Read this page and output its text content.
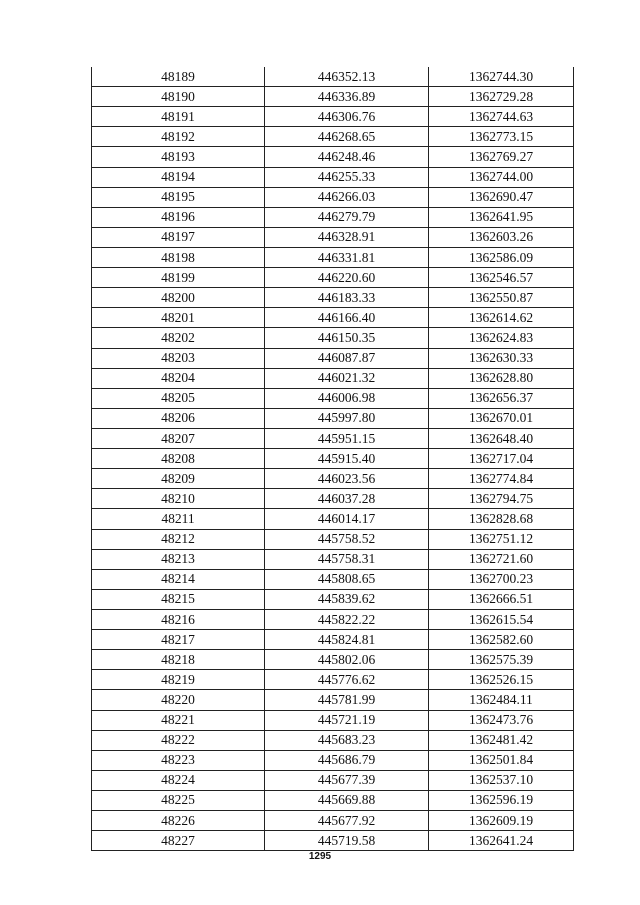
48189	446352.13	1362744.30
48190	446336.89	1362729.28
48191	446306.76	1362744.63
48192	446268.65	1362773.15
48193	446248.46	1362769.27
48194	446255.33	1362744.00
48195	446266.03	1362690.47
48196	446279.79	1362641.95
48197	446328.91	1362603.26
48198	446331.81	1362586.09
48199	446220.60	1362546.57
48200	446183.33	1362550.87
48201	446166.40	1362614.62
48202	446150.35	1362624.83
48203	446087.87	1362630.33
48204	446021.32	1362628.80
48205	446006.98	1362656.37
48206	445997.80	1362670.01
48207	445951.15	1362648.40
48208	445915.40	1362717.04
48209	446023.56	1362774.84
48210	446037.28	1362794.75
48211	446014.17	1362828.68
48212	445758.52	1362751.12
48213	445758.31	1362721.60
48214	445808.65	1362700.23
48215	445839.62	1362666.51
48216	445822.22	1362615.54
48217	445824.81	1362582.60
48218	445802.06	1362575.39
48219	445776.62	1362526.15
48220	445781.99	1362484.11
48221	445721.19	1362473.76
48222	445683.23	1362481.42
48223	445686.79	1362501.84
48224	445677.39	1362537.10
48225	445669.88	1362596.19
48226	445677.92	1362609.19
48227	445719.58	1362641.24
1295
